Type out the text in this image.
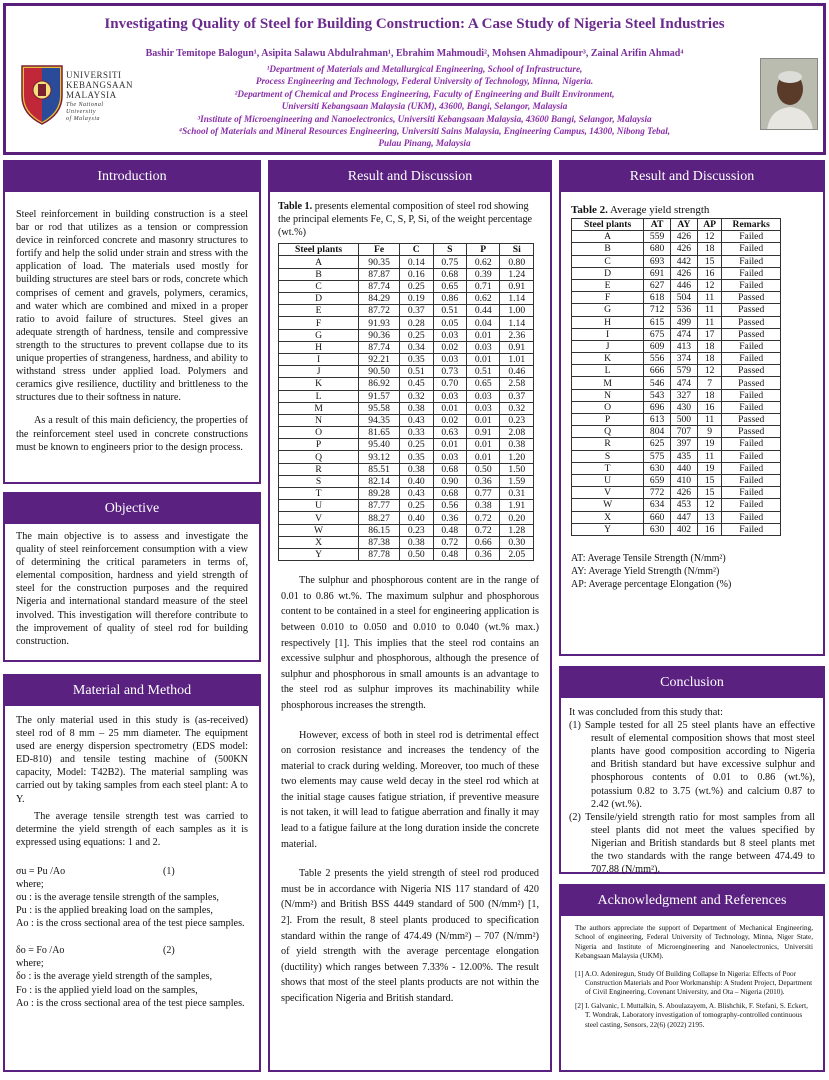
Investigating Quality of Steel for Building Construction: A Case Study of Nigeria Steel Industries
Bashir Temitope Balogun¹, Asipita Salawu Abdulrahman¹, Ebrahim Mahmoudi², Mohsen Ahmadipour³, Zainal Arifin Ahmad⁴
¹Department of Materials and Metallurgical Engineering, School of Infrastructure,
Process Engineering and Technology, Federal University of Technology, Minna, Nigeria.
²Department of Chemical and Process Engineering, Faculty of Engineering and Built Environment,
Universiti Kebangsaan Malaysia (UKM), 43600, Bangi, Selangor, Malaysia
³Institute of Microengineering and Nanoelectronics, Universiti Kebangsaan Malaysia, 43600 Bangi, Selangor, Malaysia
⁴School of Materials and Mineral Resources Engineering, Universiti Sains Malaysia, Engineering Campus, 14300, Nibong Tebal,
Pulau Pinang, Malaysia
UNIVERSITI
KEBANGSAAN
MALAYSIA
The National University
of Malaysia
Introduction
Steel reinforcement in building construction is a steel bar or rod that utilizes as a tension or compression device in reinforced concrete and masonry structures to fortify and help the solid under strain and stress with the application of load. The materials used mostly for building structures are steel bars or rods, concrete which comprises of cement and gravels, polymers, ceramics, and water which are combined and mixed in a proper ratio to avoid failure of structures. Steel gives an adequate strength of hardness, tensile and compressive strength to the structures to prevent collapse due to its unique properties of strangeness, hardness, and ability to withstand stress under applied load. Polymers and ceramics give resilience, ductility and brittleness to the structures due to their softness in nature.
As a result of this main deficiency, the properties of the reinforcement steel used in concrete constructions must be known to engineers prior to the design process.
Objective
The main objective is to assess and investigate the quality of steel reinforcement consumption with a view of determining the critical parameters in terms of, elemental composition, hardness and yield strength of steel for the construction purposes and the required Nigeria and international standard measure of the steel involved. This investigation will therefore contribute to the improvement of quality of steel rod for building construction.
Material and Method
The only material used in this study is (as-received) steel rod of 8 mm – 25 mm diameter. The equipment used are energy dispersion spectrometry (EDS model: ED-810) and tensile testing machine of (500KN capacity, Model: T42B2). The material sampling was carried out by taking samples from each steel plant: A to Y.
The average tensile strength test was carried to determine the yield strength of each samples as it is expressed using equations: 1 and 2.
σu = Pu /Ao	(1)
where;
σu : is the average tensile strength of the samples,
Pu : is the applied breaking load on the samples,
Ao : is the cross sectional area of the test piece samples.
δo = Fo /Ao	(2)
where;
δo : is the average yield strength of the samples,
Fo : is the applied yield load on the samples,
Ao : is the cross sectional area of the test piece samples.
Result and Discussion
Table 1. presents elemental composition of steel rod showing the principal elements Fe, C, S, P, Si, of the weight percentage (wt.%)
Steel plants	Fe	C	S	P	Si
A	90.35	0.14	0.75	0.62	0.80
B	87.87	0.16	0.68	0.39	1.24
C	87.74	0.25	0.65	0.71	0.91
D	84.29	0.19	0.86	0.62	1.14
E	87.72	0.37	0.51	0.44	1.00
F	91.93	0.28	0.05	0.04	1.14
G	90.36	0.25	0.03	0.01	2.36
H	87.74	0.34	0.02	0.03	0.91
I	92.21	0.35	0.03	0.01	1.01
J	90.50	0.51	0.73	0.51	0.46
K	86.92	0.45	0.70	0.65	2.58
L	91.57	0.32	0.03	0.03	0.37
M	95.58	0.38	0.01	0.03	0.32
N	94.35	0.43	0.02	0.01	0.23
O	81.65	0.33	0.63	0.91	2.08
P	95.40	0.25	0.01	0.01	0.38
Q	93.12	0.35	0.03	0.01	1.20
R	85.51	0.38	0.68	0.50	1.50
S	82.14	0.40	0.90	0.36	1.59
T	89.28	0.43	0.68	0.77	0.31
U	87.77	0.25	0.56	0.38	1.91
V	88.27	0.40	0.36	0.72	0.20
W	86.15	0.23	0.48	0.72	1.28
X	87.38	0.38	0.72	0.66	0.30
Y	87.78	0.50	0.48	0.36	2.05
The sulphur and phosphorous content are in the range of 0.01 to 0.86 wt.%. The maximum sulphur and phosphorous content to be contained in a steel for engineering application is between 0.010 to 0.050 and 0.010 to 0.040 (wt.% max.) respectively [1]. This implies that the steel rod contains an excessive sulphur and phosphorous, although the presence of sulphur and phosphorous in small amounts is an advantage to the steel rod as sulphur improves its machinability while phosphorous increases the strength.
However, excess of both in steel rod is detrimental effect on corrosion resistance and increases the tendency of the material to crack during welding. Moreover, too much of these two elements may cause weld decay in the steel rod which at the initial stage causes fatigue striation, if preventive measure is not taken, it will lead to fatigue aberration and finally it may lead to a fatigue failure at the long duration inside the concrete material.
Table 2 presents the yield strength of steel rod produced must be in accordance with Nigeria NIS 117 standard of 420 (N/mm²) and British BSS 4449 standard of 500 (N/mm²) [1, 2]. From the result, 8 steel plants produced to specification standard within the range of 474.49 (N/mm²) – 707 (N/mm²) of yield strength with the average percentage elongation (ductility) which ranges between 7.33% - 12.00%. The result shows that most of the steel plants products are not within the specification Nigeria and British standard.
Result and Discussion
Table 2. Average yield strength
Steel plants	AT	AY	AP	Remarks
A	559	426	12	Failed
B	680	426	18	Failed
C	693	442	15	Failed
D	691	426	16	Failed
E	627	446	12	Failed
F	618	504	11	Passed
G	712	536	11	Passed
H	615	499	11	Passed
I	675	474	17	Passed
J	609	413	18	Failed
K	556	374	18	Failed
L	666	579	12	Passed
M	546	474	7	Passed
N	543	327	18	Failed
O	696	430	16	Failed
P	613	500	11	Passed
Q	804	707	9	Passed
R	625	397	19	Failed
S	575	435	11	Failed
T	630	440	19	Failed
U	659	410	15	Failed
V	772	426	15	Failed
W	634	453	12	Failed
X	660	447	13	Failed
Y	630	402	16	Failed
AT: Average Tensile Strength (N/mm²)
AY: Average Yield Strength (N/mm²)
AP: Average percentage Elongation (%)
Conclusion
It was concluded from this study that:
(1) Sample tested for all 25 steel plants have an effective result of elemental composition shows that most steel plants have good composition according to Nigeria and British standard but have excessive sulphur and phosphorous contents of 0.01 to 0.86 (wt.%), potassium 0.82 to 3.75 (wt.%) and calcium 0.87 to 2.42 (wt.%).
(2) Tensile/yield strength ratio for most samples from all steel plants did not meet the values specified by Nigerian and British standards but 8 steel plants met the two standards with the range between 474.49 to 707.88 (N/mm²).
Acknowledgment and References
The authors appreciate the support of Department of Mechanical Engineering, School of engineering, Federal University of Technology, Minna, Niger State, Nigeria and Institute of Microengineering and Nanoelectronics, Universiti Kebangsaan Malaysia (UKM).
[1] A.O. Adeniregun, Study Of Building Collapse In Nigeria: Effects of Poor Construction Materials and Poor Workmanship: A Student Project, Department of Civil Engineering, Covenant University, and Ota – Nigeria (2010).
[2] I. Galvanic, I. Muttalkin, S. Aboulazayem, A. Blishchik, F. Stefani, S. Eckert, T. Wondrak, Laboratory investigation of tomography-controlled continuous steel casting, Sensors, 22(6) (2022) 2195.
